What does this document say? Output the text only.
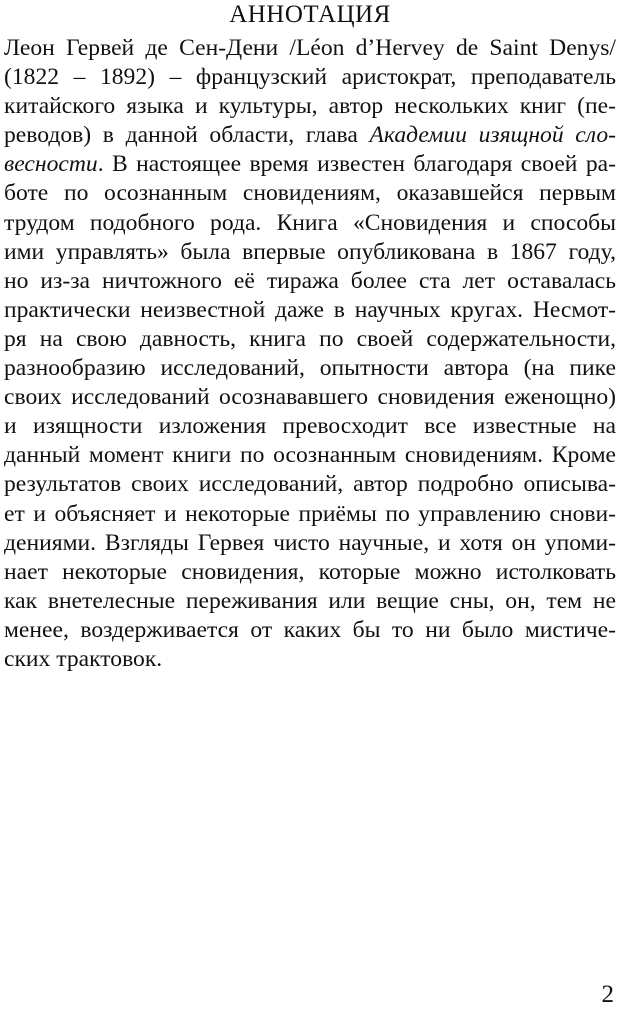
АННОТАЦИЯ
Леон Гервей де Сен-Дени /Léon d’Hervey de Saint Denys/
(1822 – 1892) – французский аристократ, преподаватель
китайского языка и культуры, автор нескольких книг (пе-
реводов) в данной области, глава Академии изящной сло-
весности. В настоящее время известен благодаря своей ра-
боте по осознанным сновидениям, оказавшейся первым
трудом подобного рода. Книга «Сновидения и способы
ими управлять» была впервые опубликована в 1867 году,
но из-за ничтожного её тиража более ста лет оставалась
практически неизвестной даже в научных кругах. Несмот-
ря на свою давность, книга по своей содержательности,
разнообразию исследований, опытности автора (на пике
своих исследований осознававшего сновидения еженощно)
и изящности изложения превосходит все известные на
данный момент книги по осознанным сновидениям. Кроме
результатов своих исследований, автор подробно описыва-
ет и объясняет и некоторые приёмы по управлению снови-
дениями. Взгляды Гервея чисто научные, и хотя он упоми-
нает некоторые сновидения, которые можно истолковать
как внетелесные переживания или вещие сны, он, тем не
менее, воздерживается от каких бы то ни было мистиче-
ских трактовок.
2
